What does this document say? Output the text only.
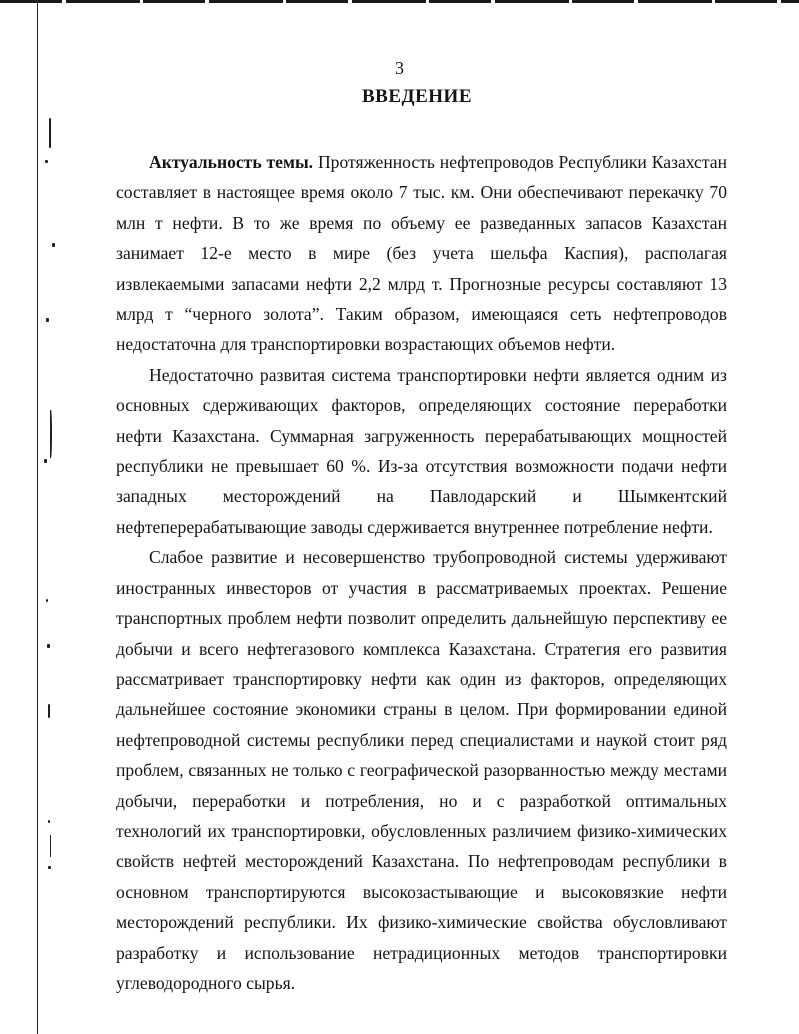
3

ВВЕДЕНИЕ

Актуальность темы. Протяженность нефтепроводов Республики Казахстан составляет в настоящее время около 7 тыс. км. Они обеспечивают перекачку 70 млн т нефти. В то же время по объему ее разведанных запасов Казахстан занимает 12-е место в мире (без учета шельфа Каспия), располагая извлекаемыми запасами нефти 2,2 млрд т. Прогнозные ресурсы составляют 13 млрд т “черного золота”. Таким образом, имеющаяся сеть нефтепроводов недостаточна для транспортировки возрастающих объемов нефти.

Недостаточно развитая система транспортировки нефти является одним из основных сдерживающих факторов, определяющих состояние переработки нефти Казахстана. Суммарная загруженность перерабатывающих мощностей республики не превышает 60 %. Из-за отсутствия возможности подачи нефти западных месторождений на Павлодарский и Шымкентский нефтеперерабатывающие заводы сдерживается внутреннее потребление нефти.

Слабое развитие и несовершенство трубопроводной системы удерживают иностранных инвесторов от участия в рассматриваемых проектах. Решение транспортных проблем нефти позволит определить дальнейшую перспективу ее добычи и всего нефтегазового комплекса Казахстана. Стратегия его развития рассматривает транспортировку нефти как один из факторов, определяющих дальнейшее состояние экономики страны в целом. При формировании единой нефтепроводной системы республики перед специалистами и наукой стоит ряд проблем, связанных не только с географической разорванностью между местами добычи, переработки и потребления, но и с разработкой оптимальных технологий их транспортировки, обусловленных различием физико-химических свойств нефтей месторождений Казахстана. По нефтепроводам республики в основном транспортируются высокозастывающие и высоковязкие нефти месторождений республики. Их физико-химические свойства обусловливают разработку и использование нетрадиционных методов транспортировки углеводородного сырья.
